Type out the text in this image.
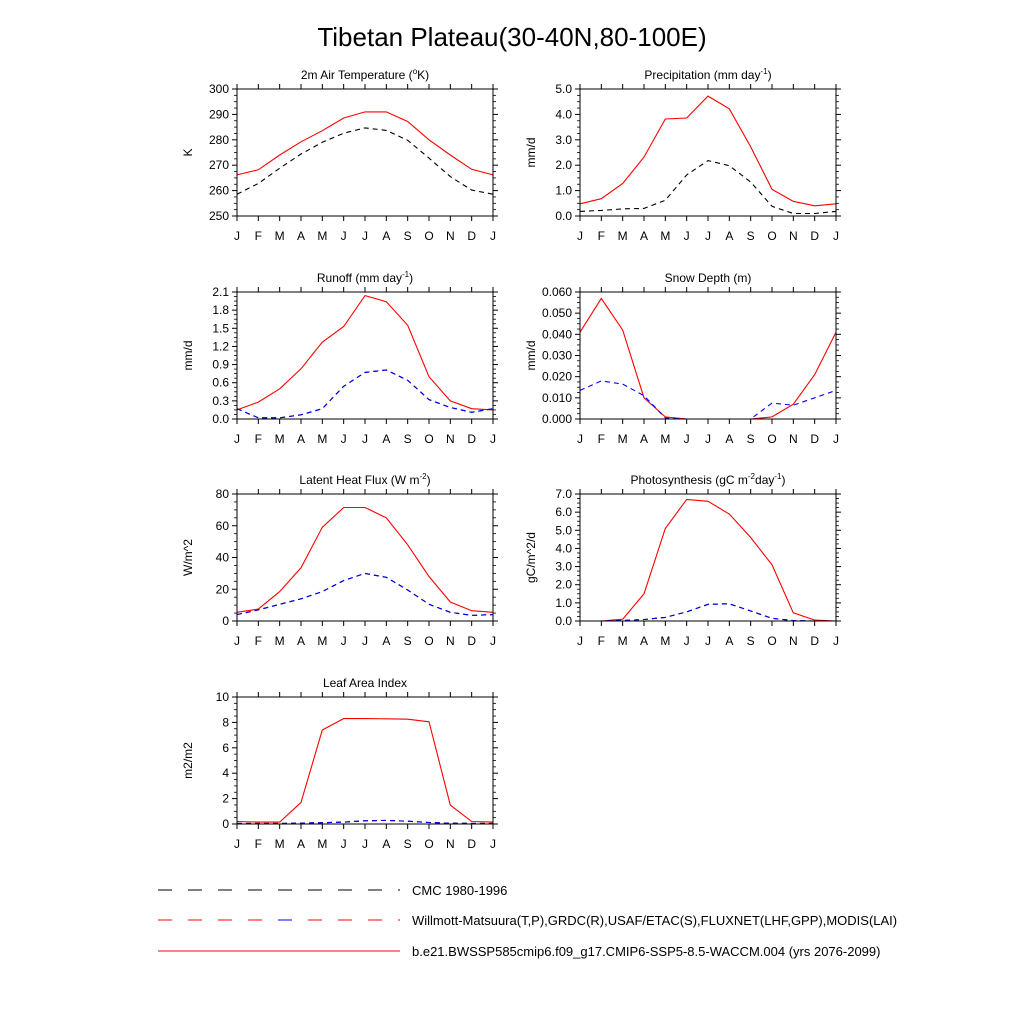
Tibetan Plateau(30-40N,80-100E)
2m Air Temperature ($^o$K)
K
250
260
270
280
290
300
J F M A M J J A S O N D J
Precipitation (mm day$^{-1}$)
mm/d
0.0
1.0
2.0
3.0
4.0
5.0
J F M A M J J A S O N D J
Runoff (mm day$^{-1}$)
mm/d
0.0
0.3
0.6
0.9
1.2
1.5
1.8
2.1
J F M A M J J A S O N D J
Snow Depth (m)
mm/d
0.000
0.010
0.020
0.030
0.040
0.050
0.060
J F M A M J J A S O N D J
Latent Heat Flux (W $m^{-2}$)
W/m^2
0
20
40
60
80
J F M A M J J A S O N D J
Photosynthesis (gC $m^{-2}day^{-1}$)
gC/m^2/d
0.0
1.0
2.0
3.0
4.0
5.0
6.0
7.0
J F M A M J J A S O N D J
Leaf Area Index
m2/m2
0
2
4
6
8
10
J F M A M J J A S O N D J
CMC 1980-1996
Willmott-Matsuura(T,P),GRDC(R),USAF/ETAC(S),FLUXNET(LHF,GPP),MODIS(LAI)
b.e21.BWSSP585cmip6.f09_g17.CMIP6-SSP5-8.5-WACCM.004 (yrs 2076-2099)
